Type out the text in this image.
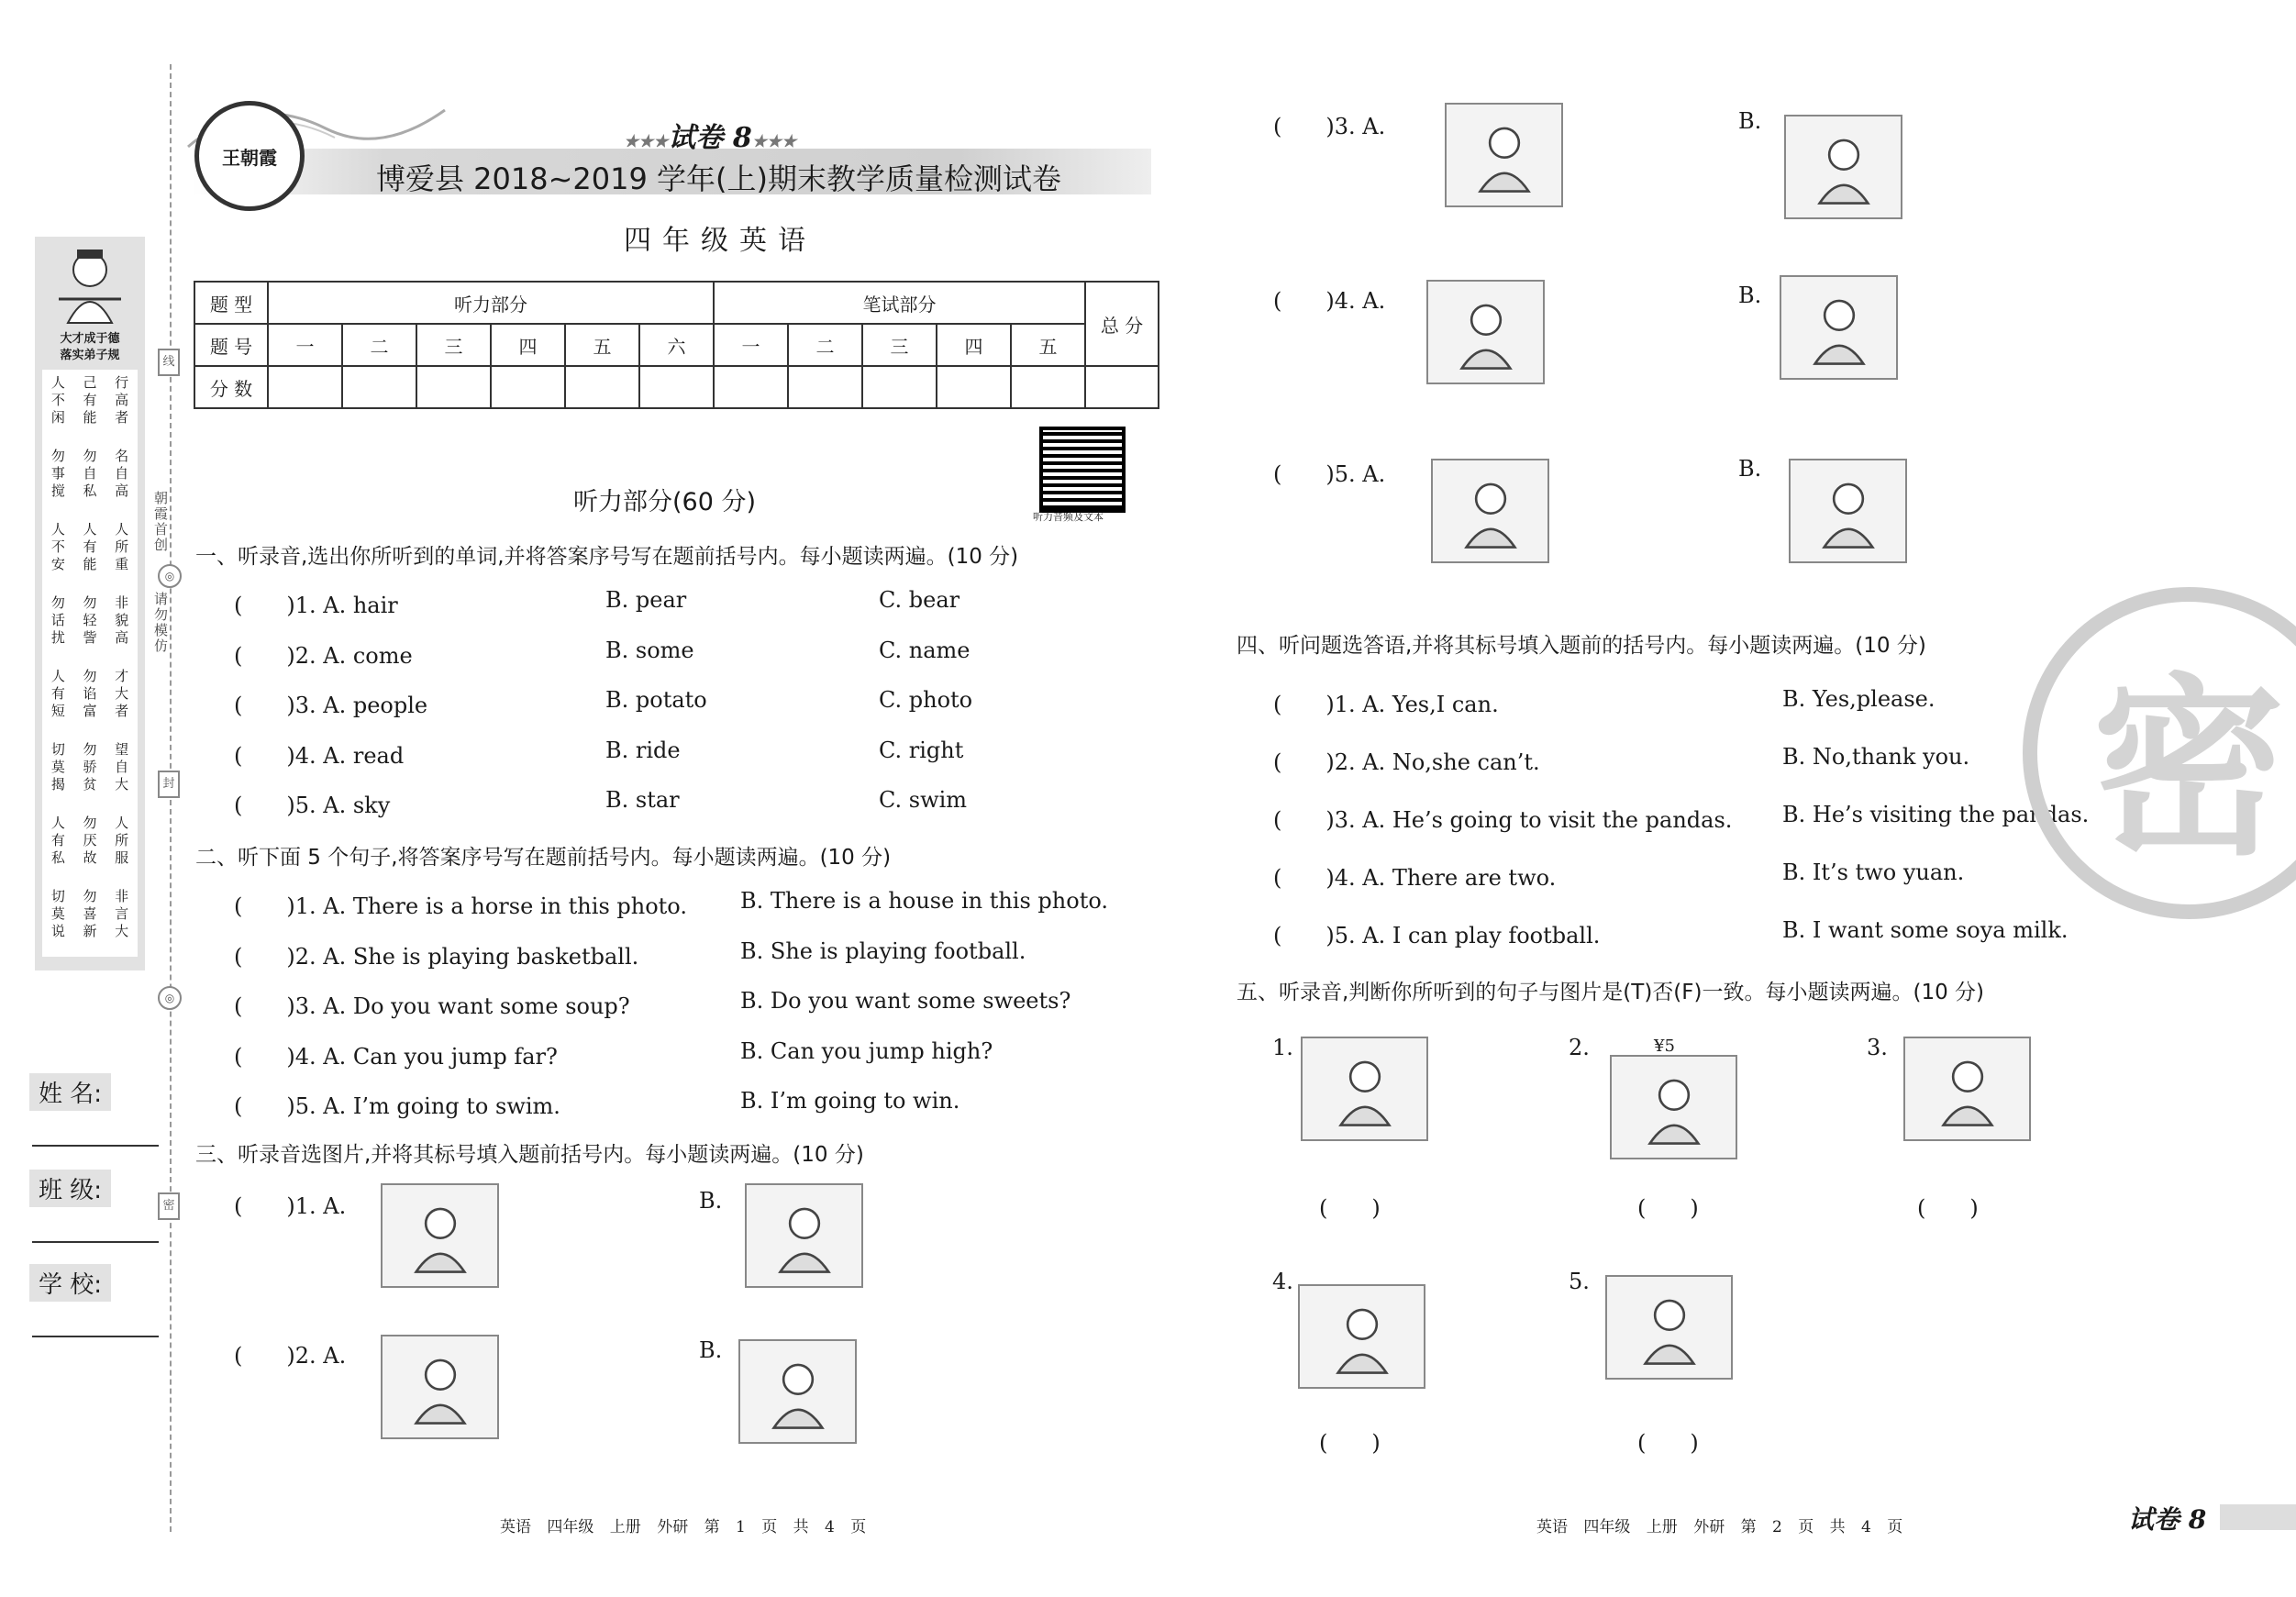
朝霞首创
请勿模仿
线
◎
封
◎
密
大才成于德
落实弟子规
人
不
闲
己
有
能
行
高
者
勿
事
搅
勿
自
私
名
自
高
人
不
安
人
有
能
人
所
重
勿
话
扰
勿
轻
訾
非
貌
高
人
有
短
勿
谄
富
才
大
者
切
莫
揭
勿
骄
贫
望
自
大
人
有
私
勿
厌
故
人
所
服
切
莫
说
勿
喜
新
非
言
大
姓 名:
班 级:
学 校:
王朝霞
★★★试卷 8★★★
博爱县 2018~2019 学年(上)期末教学质量检测试卷
四年级英语
题 型	听力部分						笔试部分					总 分
题 号	一	二	三	四	五	六	一	二	三	四	五	
分 数												
听力音频及文本
听力部分(60 分)
一、听录音,选出你所听到的单词,并将答案序号写在题前括号内。每小题读两遍。(10 分)
二、听下面 5 个句子,将答案序号写在题前括号内。每小题读两遍。(10 分)
三、听录音选图片,并将其标号填入题前括号内。每小题读两遍。(10 分)
四、听问题选答语,并将其标号填入题前的括号内。每小题读两遍。(10 分)
五、听录音,判断你所听到的句子与图片是(T)否(F)一致。每小题读两遍。(10 分)
(　　)1. A. hair	B. pear	C. bear
(　　)2. A. come	B. some	C. name
(　　)3. A. people	B. potato	C. photo
(　　)4. A. read	B. ride	C. right
(　　)5. A. sky	B. star	C. swim
(　　)1. A. There is a horse in this photo. B. There is a house in this photo.
(　　)2. A. She is playing basketball.	B. She is playing football.
(　　)3. A. Do you want some soup?	B. Do you want some sweets?
(　　)4. A. Can you jump far?	B. Can you jump high?
(　　)5. A. I’m going to swim.	B. I’m going to win.
(　　)1. A.	B.
(　　)2. A.	B.
(　　)3. A.	B.
(　　)4. A.	B.
(　　)5. A.	B.
(　　)1. A. Yes,I can.	B. Yes,please.
(　　)2. A. No,she can’t.	B. No,thank you.
(　　)3. A. He’s going to visit the pandas. B. He’s visiting the pandas.
(　　)4. A. There are two.	B. It’s two yuan.
(　　)5. A. I can play football.	B. I want some soya milk.
1.
(　　)
2.
(　　)
¥5	3.
(　　)
4.
(　　)
5.
(　　)
密
英语 四年级 上册 外研 第 1 页 共 4 页	英语 四年级 上册 外研 第 2 页 共 4 页	试卷 8
